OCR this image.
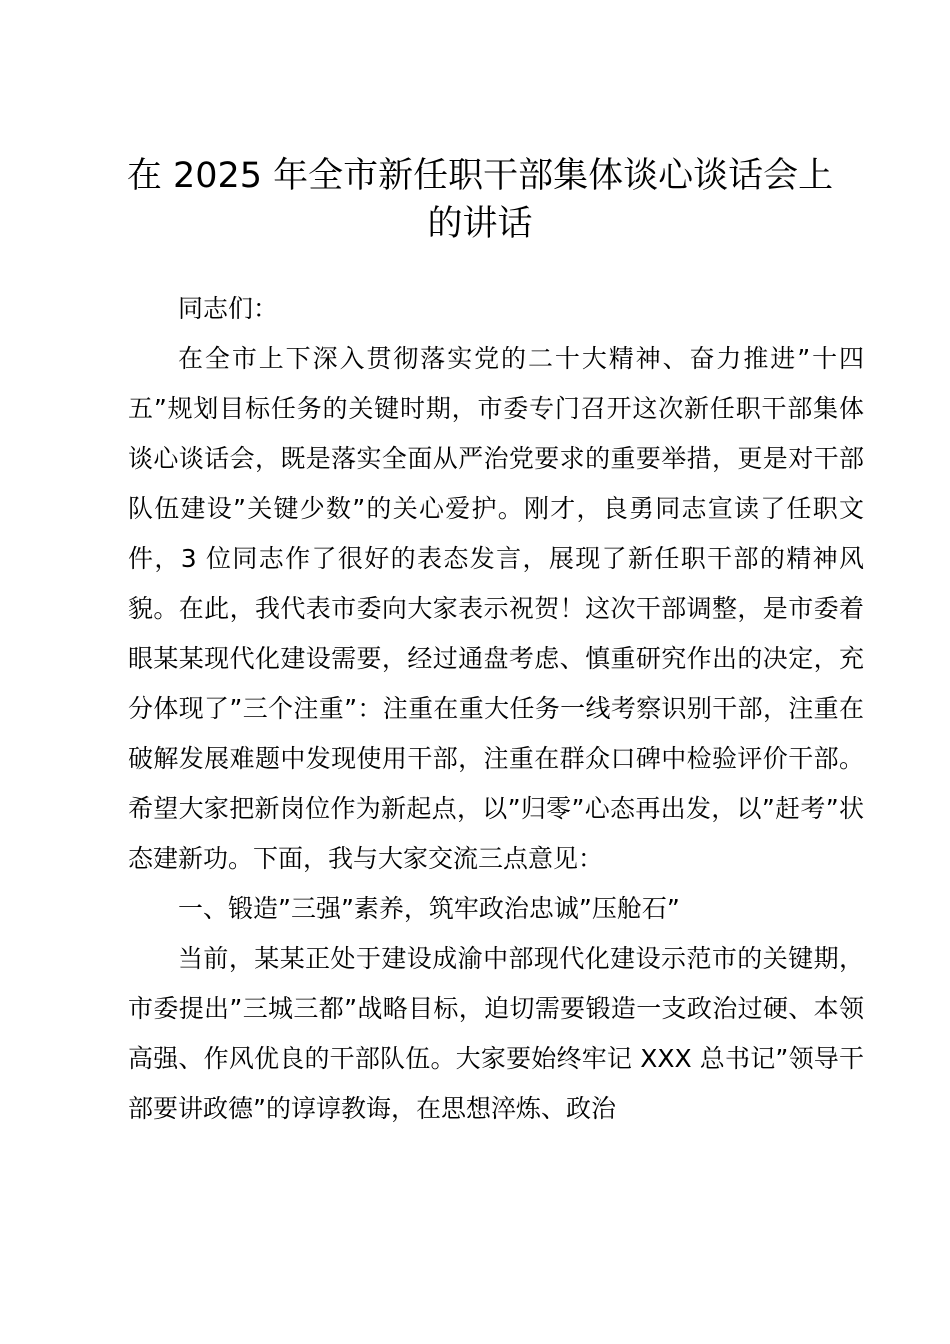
在 2025 年全市新任职干部集体谈心谈话会上的讲话

同志们：

在全市上下深入贯彻落实党的二十大精神、奋力推进”十四五”规划目标任务的关键时期，市委专门召开这次新任职干部集体谈心谈话会，既是落实全面从严治党要求的重要举措，更是对干部队伍建设”关键少数”的关心爱护。刚才，良勇同志宣读了任职文件，3 位同志作了很好的表态发言，展现了新任职干部的精神风貌。在此，我代表市委向大家表示祝贺！这次干部调整，是市委着眼某某现代化建设需要，经过通盘考虑、慎重研究作出的决定，充分体现了”三个注重”：注重在重大任务一线考察识别干部，注重在破解发展难题中发现使用干部，注重在群众口碑中检验评价干部。希望大家把新岗位作为新起点，以”归零”心态再出发，以”赶考”状态建新功。下面，我与大家交流三点意见：

一、锻造”三强”素养，筑牢政治忠诚”压舱石”

当前，某某正处于建设成渝中部现代化建设示范市的关键期，市委提出”三城三都”战略目标，迫切需要锻造一支政治过硬、本领高强、作风优良的干部队伍。大家要始终牢记 XXX 总书记”领导干部要讲政德”的谆谆教诲，在思想淬炼、政治
